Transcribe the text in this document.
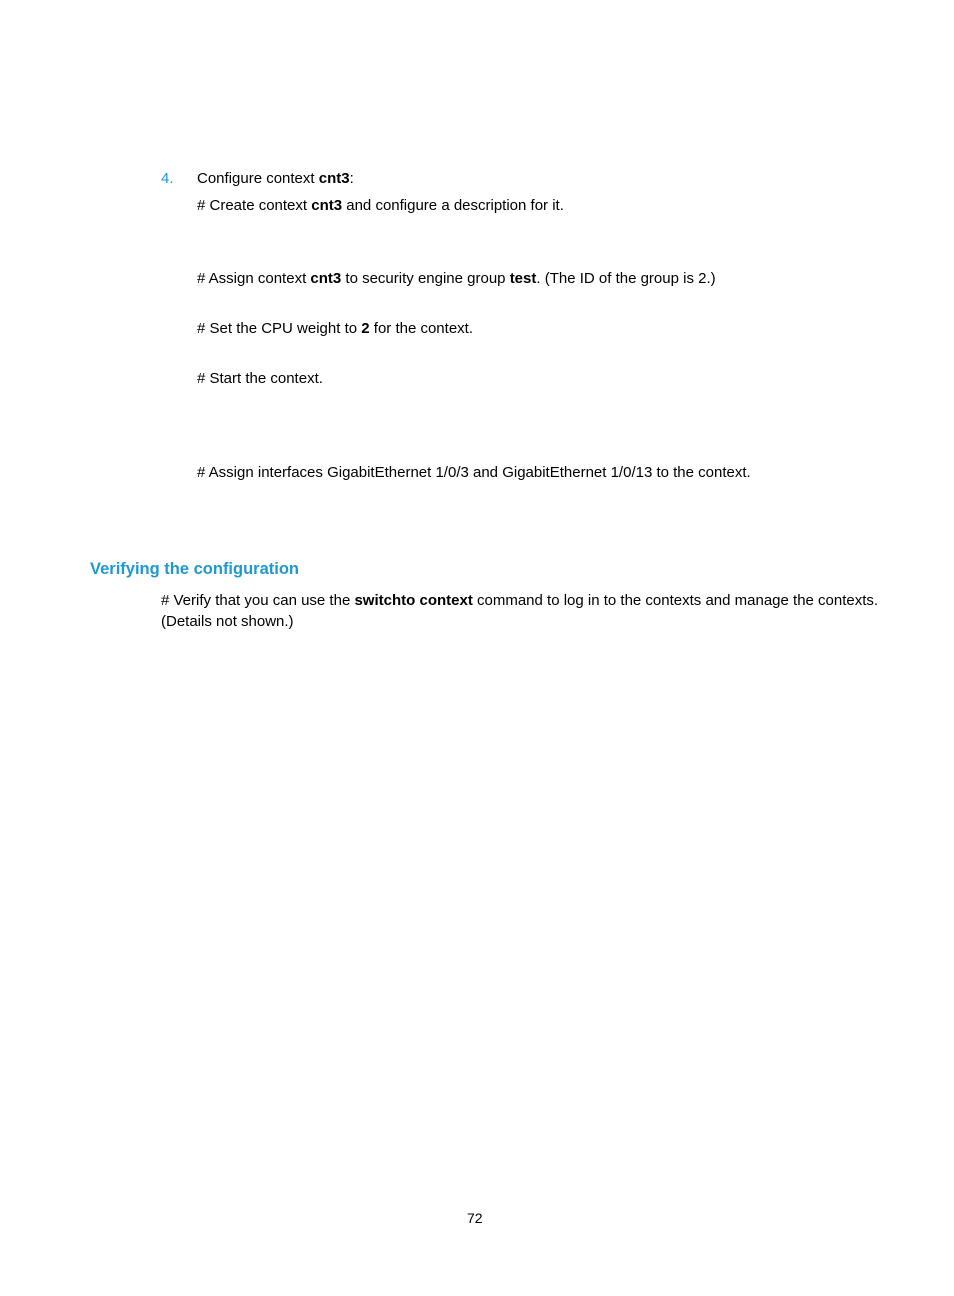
4. Configure context cnt3:
# Create context cnt3 and configure a description for it.
# Assign context cnt3 to security engine group test. (The ID of the group is 2.)
# Set the CPU weight to 2 for the context.
# Start the context.
# Assign interfaces GigabitEthernet 1/0/3 and GigabitEthernet 1/0/13 to the context.
Verifying the configuration
# Verify that you can use the switchto context command to log in to the contexts and manage the contexts.
(Details not shown.)
72
